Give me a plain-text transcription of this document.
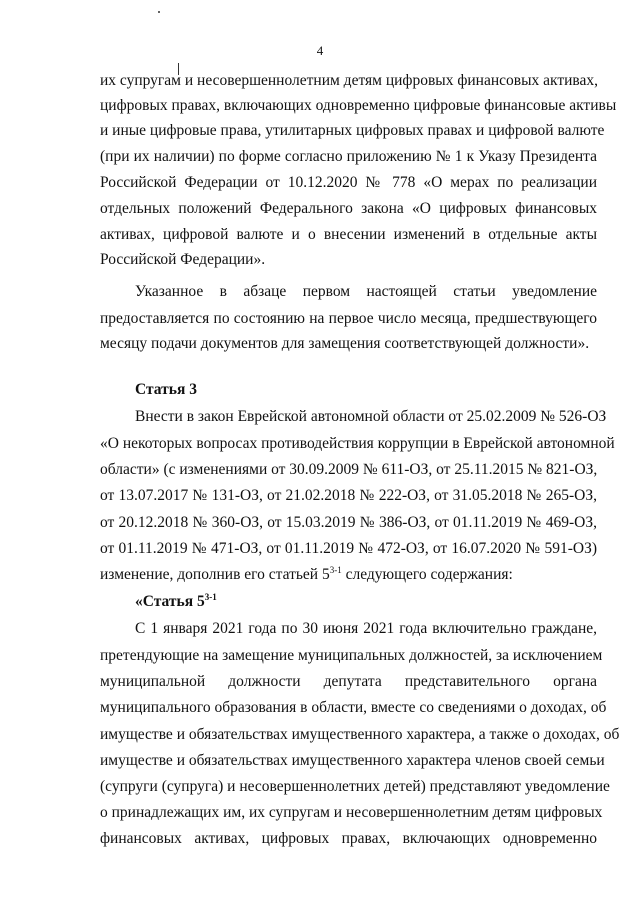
4
их супругам и несовершеннолетним детям цифровых финансовых активах,
цифровых правах, включающих одновременно цифровые финансовые активы
и иные цифровые права, утилитарных цифровых правах и цифровой валюте
(при их наличии) по форме согласно приложению № 1 к Указу Президента
Российской Федерации от 10.12.2020 № 778 «О мерах по реализации
отдельных положений Федерального закона «О цифровых финансовых
активах, цифровой валюте и о внесении изменений в отдельные акты
Российской Федерации».
Указанное в абзаце первом настоящей статьи уведомление
предоставляется по состоянию на первое число месяца, предшествующего
месяцу подачи документов для замещения соответствующей должности».
Статья 3
Внести в закон Еврейской автономной области от 25.02.2009 № 526-ОЗ
«О некоторых вопросах противодействия коррупции в Еврейской автономной
области» (с изменениями от 30.09.2009 № 611-ОЗ, от 25.11.2015 № 821-ОЗ,
от 13.07.2017 № 131-ОЗ, от 21.02.2018 № 222-ОЗ, от 31.05.2018 № 265-ОЗ,
от 20.12.2018 № 360-ОЗ, от 15.03.2019 № 386-ОЗ, от 01.11.2019 № 469-ОЗ,
от 01.11.2019 № 471-ОЗ, от 01.11.2019 № 472-ОЗ, от 16.07.2020 № 591-ОЗ)
изменение, дополнив его статьей 5$^{3-1}$ следующего содержания:
«Статья 5$^{3-1}$
С 1 января 2021 года по 30 июня 2021 года включительно граждане,
претендующие на замещение муниципальных должностей, за исключением
муниципальной должности депутата представительного органа
муниципального образования в области, вместе со сведениями о доходах, об
имуществе и обязательствах имущественного характера, а также о доходах, об
имуществе и обязательствах имущественного характера членов своей семьи
(супруги (супруга) и несовершеннолетних детей) представляют уведомление
о принадлежащих им, их супругам и несовершеннолетним детям цифровых
финансовых активах, цифровых правах, включающих одновременно
